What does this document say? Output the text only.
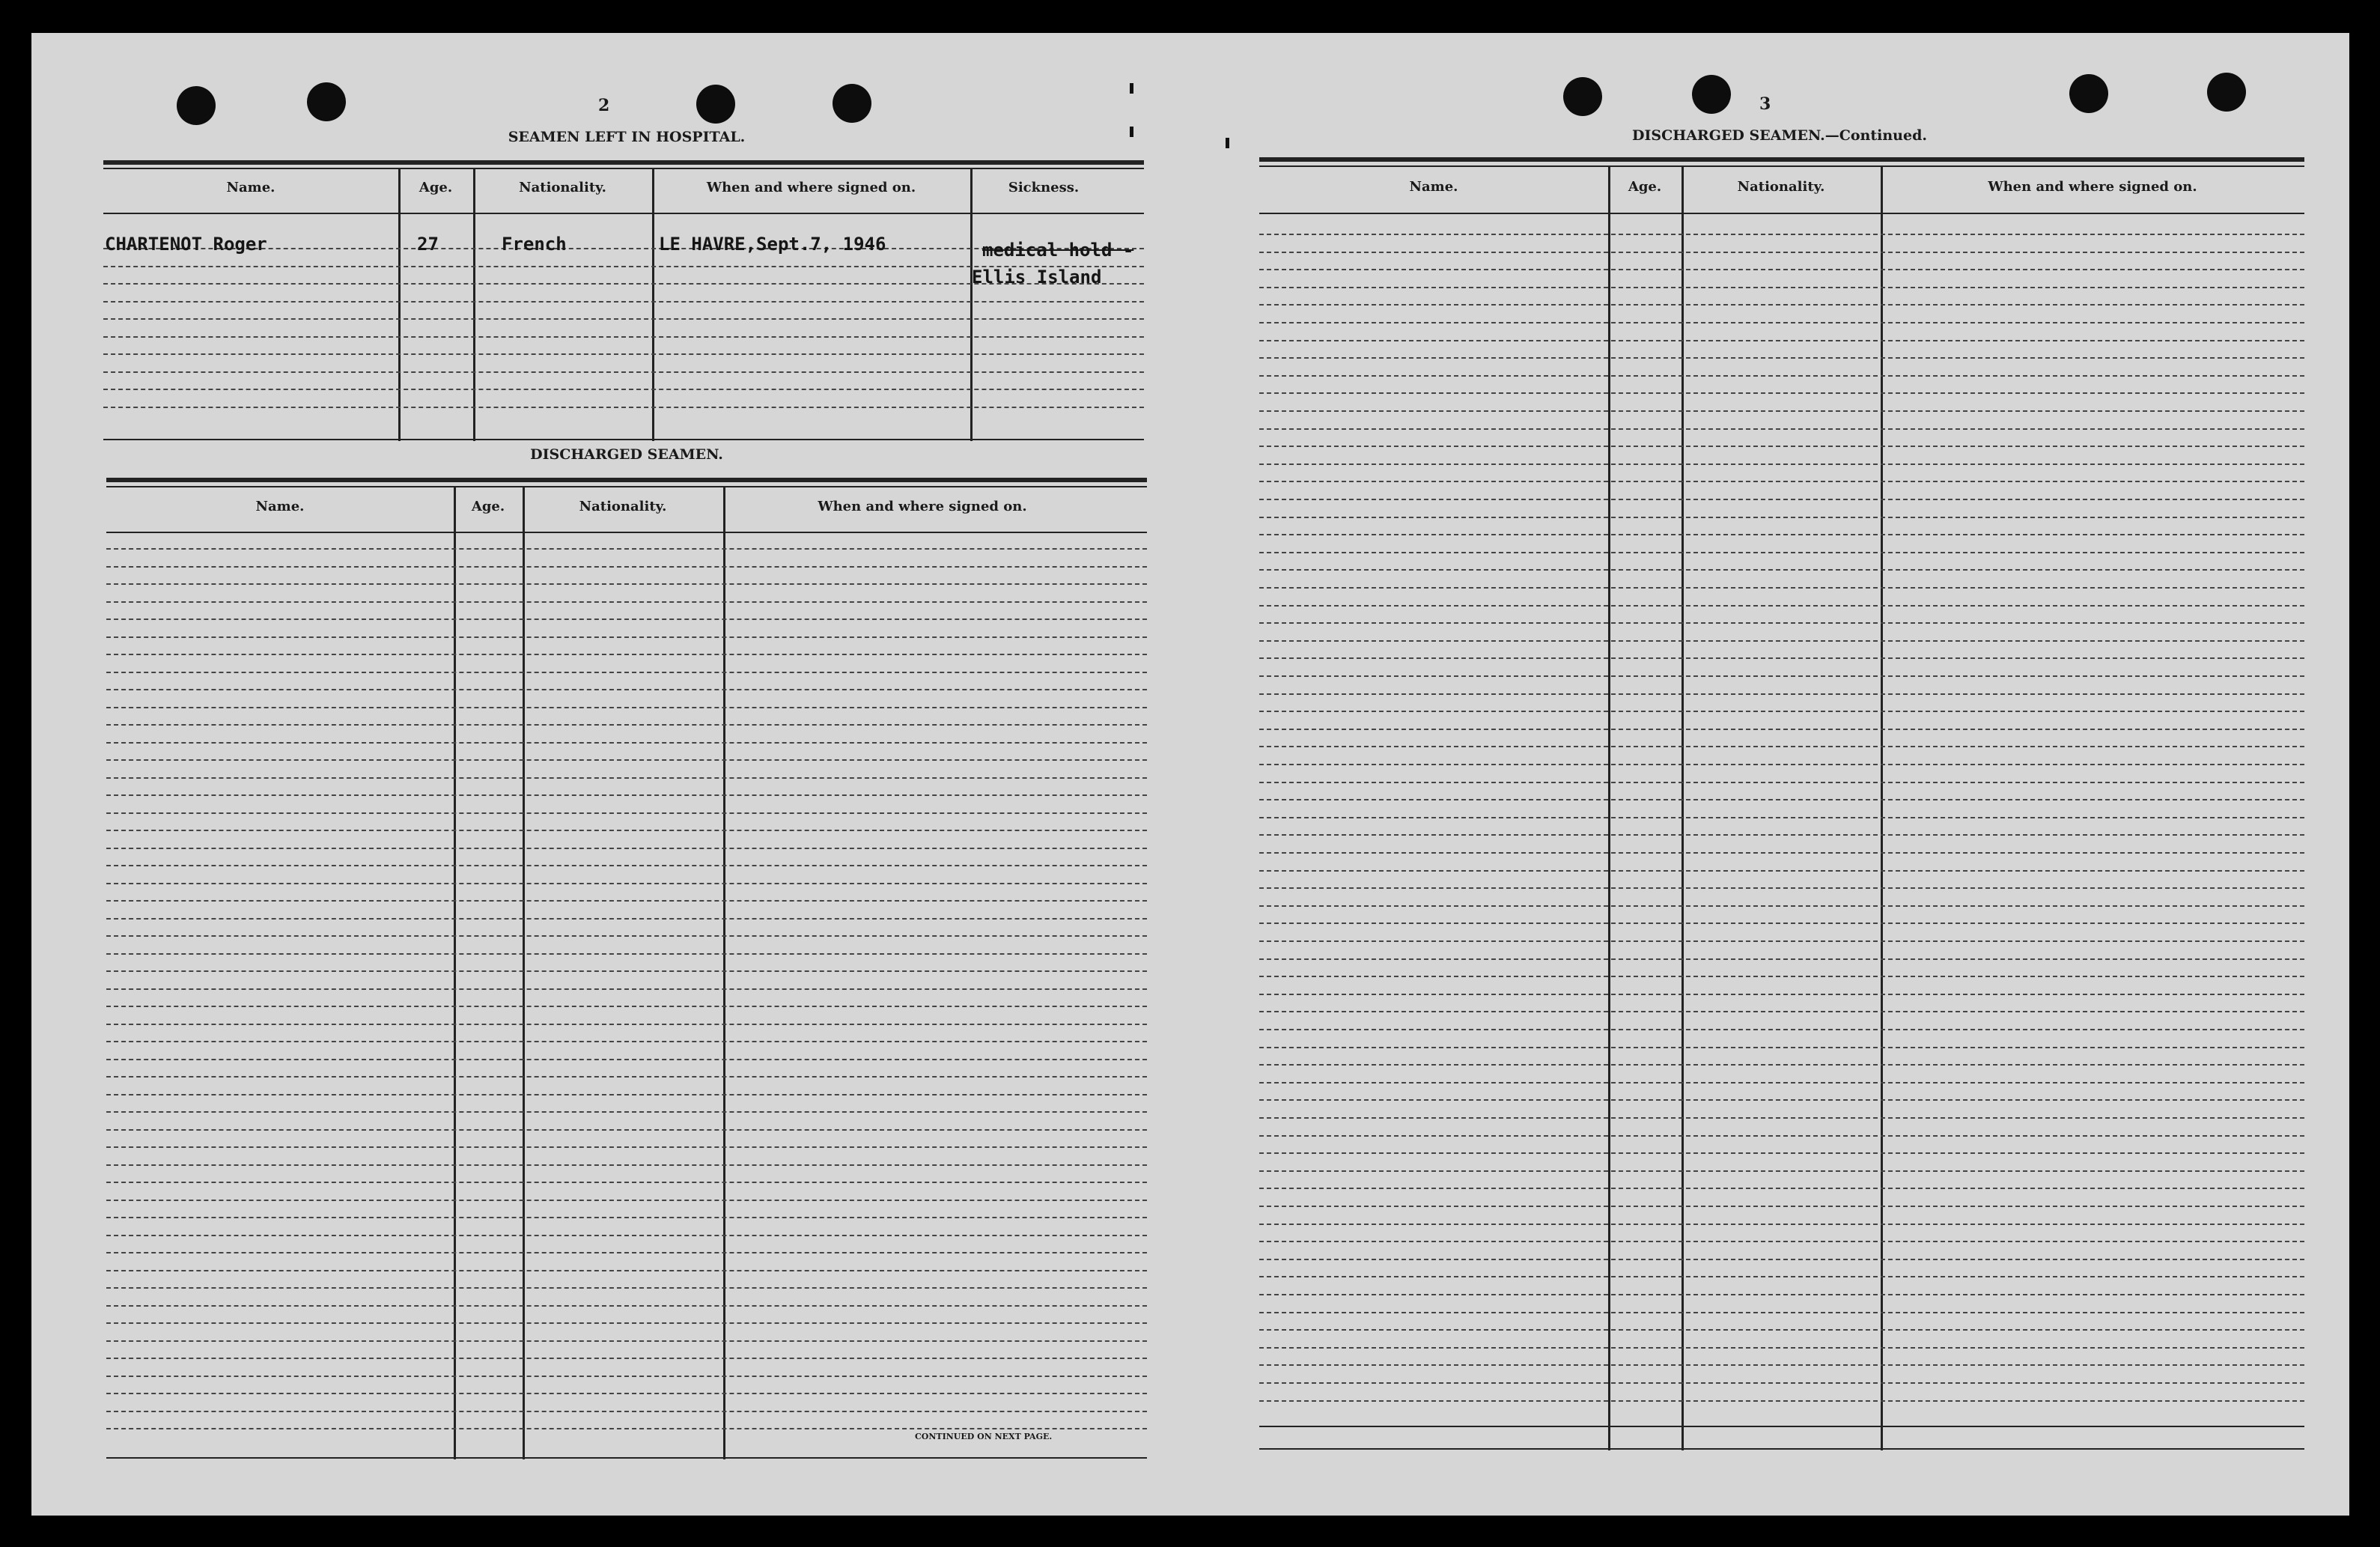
2
SEAMEN LEFT IN HOSPITAL.
Name.	Age.	Nationality.	When and where signed on.	Sickness.
CHARTENOT Roger	27	French	LE HAVRE,Sept.7, 1946	medical hold -
Ellis Island
DISCHARGED SEAMEN.
Name.	Age.	Nationality.	When and where signed on.
CONTINUED ON NEXT PAGE.
3
DISCHARGED SEAMEN.—Continued.
Name.	Age.	Nationality.	When and where signed on.
